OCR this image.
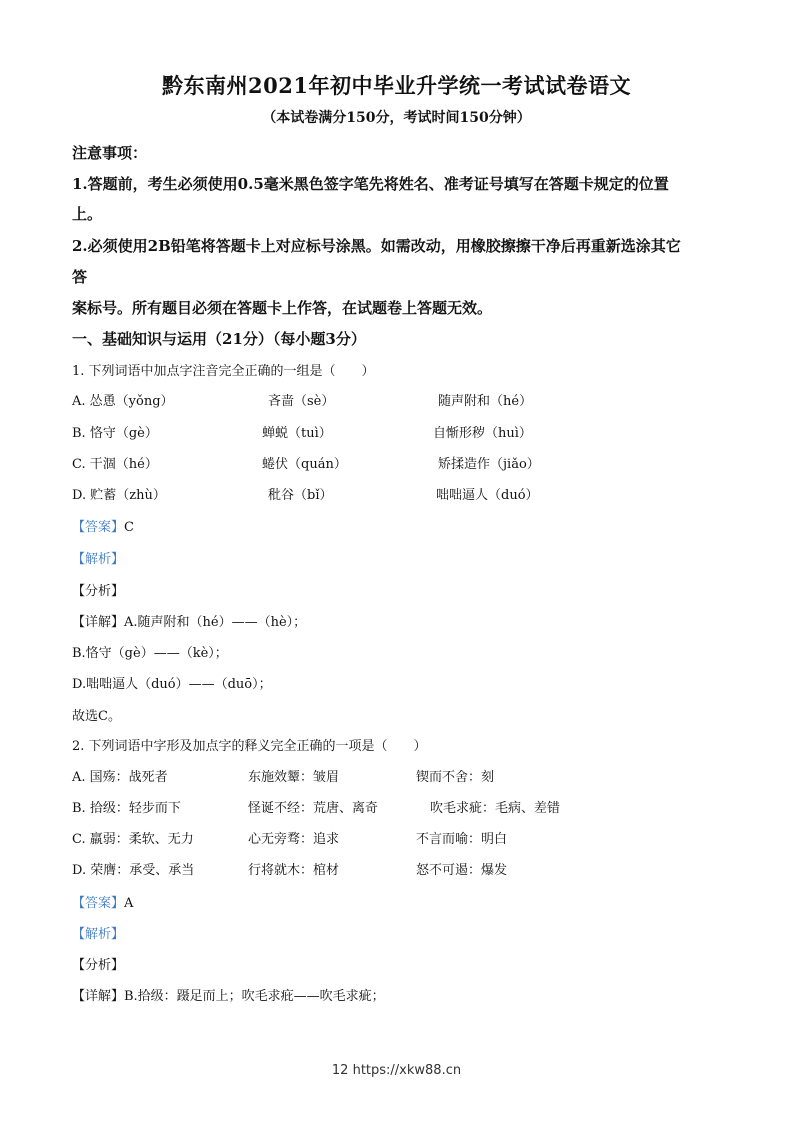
黔东南州2021年初中毕业升学统一考试试卷语文
（本试卷满分150分，考试时间150分钟）
注意事项：
1.答题前，考生必须使用0.5毫米黑色签字笔先将姓名、准考证号填写在答题卡规定的位置
上。
2.必须使用2B铅笔将答题卡上对应标号涂黑。如需改动，用橡胶擦擦干净后再重新选涂其它
答
案标号。所有题目必须在答题卡上作答，在试题卷上答题无效。
一、基础知识与运用（21分）（每小题3分）
1. 下列词语中加点字注音完全正确的一组是（　　）
A. 怂恿（yǒng）	吝啬（sè）	随声附和（hé）
B. 恪守（gè）	蝉蜕（tuì）	自惭形秽（huì）
C. 干涸（hé）	蜷伏（quán）	矫揉造作（jiǎo）
D. 贮蓄（zhù）	秕谷（bǐ）	咄咄逼人（duó）
【答案】C
【解析】
【分析】
【详解】A.随声附和（hé）——（hè）；
B.恪守（gè）——（kè）；
D.咄咄逼人（duó）——（duō）；
故选C。
2. 下列词语中字形及加点字的释义完全正确的一项是（　　）
A. 国殇：战死者	东施效颦：皱眉	锲而不舍：刻
B. 拾级：轻步而下	怪诞不经：荒唐、离奇	吹毛求疵：毛病、差错
C. 羸弱：柔软、无力	心无旁骛：追求	不言而喻：明白
D. 荣膺：承受、承当	行将就木：棺材	怒不可遏：爆发
【答案】A
【解析】
【分析】
【详解】B.拾级：蹑足而上；吹毛求疪——吹毛求疵；
12 https://xkw88.cn
